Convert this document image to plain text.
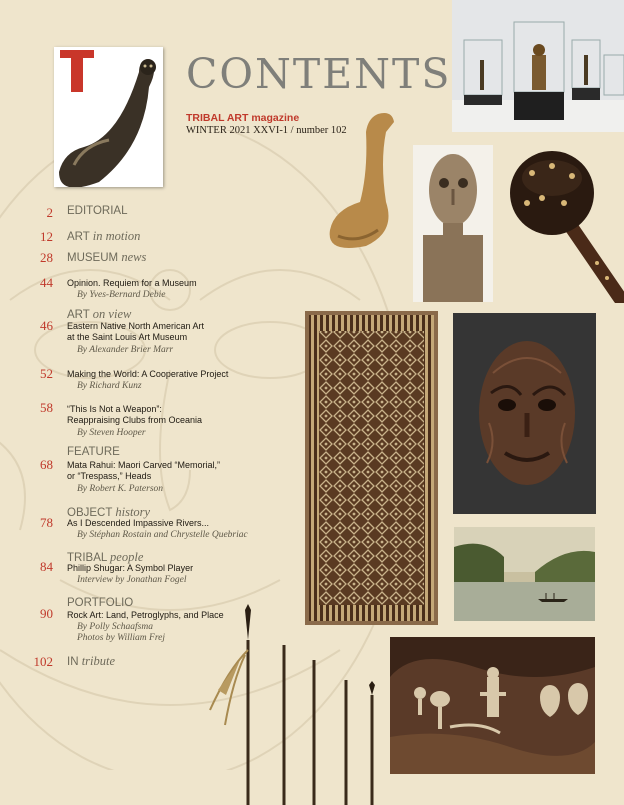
CONTENTS
TRIBAL ART magazine
WINTER 2021 XXVI-1 / number 102
2 EDITORIAL
12 ART in motion
28 MUSEUM news
44 Opinion. Requiem for a Museum
By Yves-Bernard Debie
46
ART on view
Eastern Native North American Art
at the Saint Louis Art Museum
By Alexander Brier Marr
52 Making the World: A Cooperative Project
By Richard Kunz
58 “This Is Not a Weapon”:
Reappraising Clubs from Oceania
By Steven Hooper
68
FEATURE
Mata Rahui: Maori Carved “Memorial,”
or “Trespass,” Heads
By Robert K. Paterson
78
OBJECT history
As I Descended Impassive Rivers...
By Stéphan Rostain and Chrystelle Quebriac
84
TRIBAL people
Phillip Shugar: A Symbol Player
Interview by Jonathan Fogel
90
PORTFOLIO
Rock Art: Land, Petroglyphs, and Place
By Polly Schaafsma
Photos by William Frej
102 IN tribute
